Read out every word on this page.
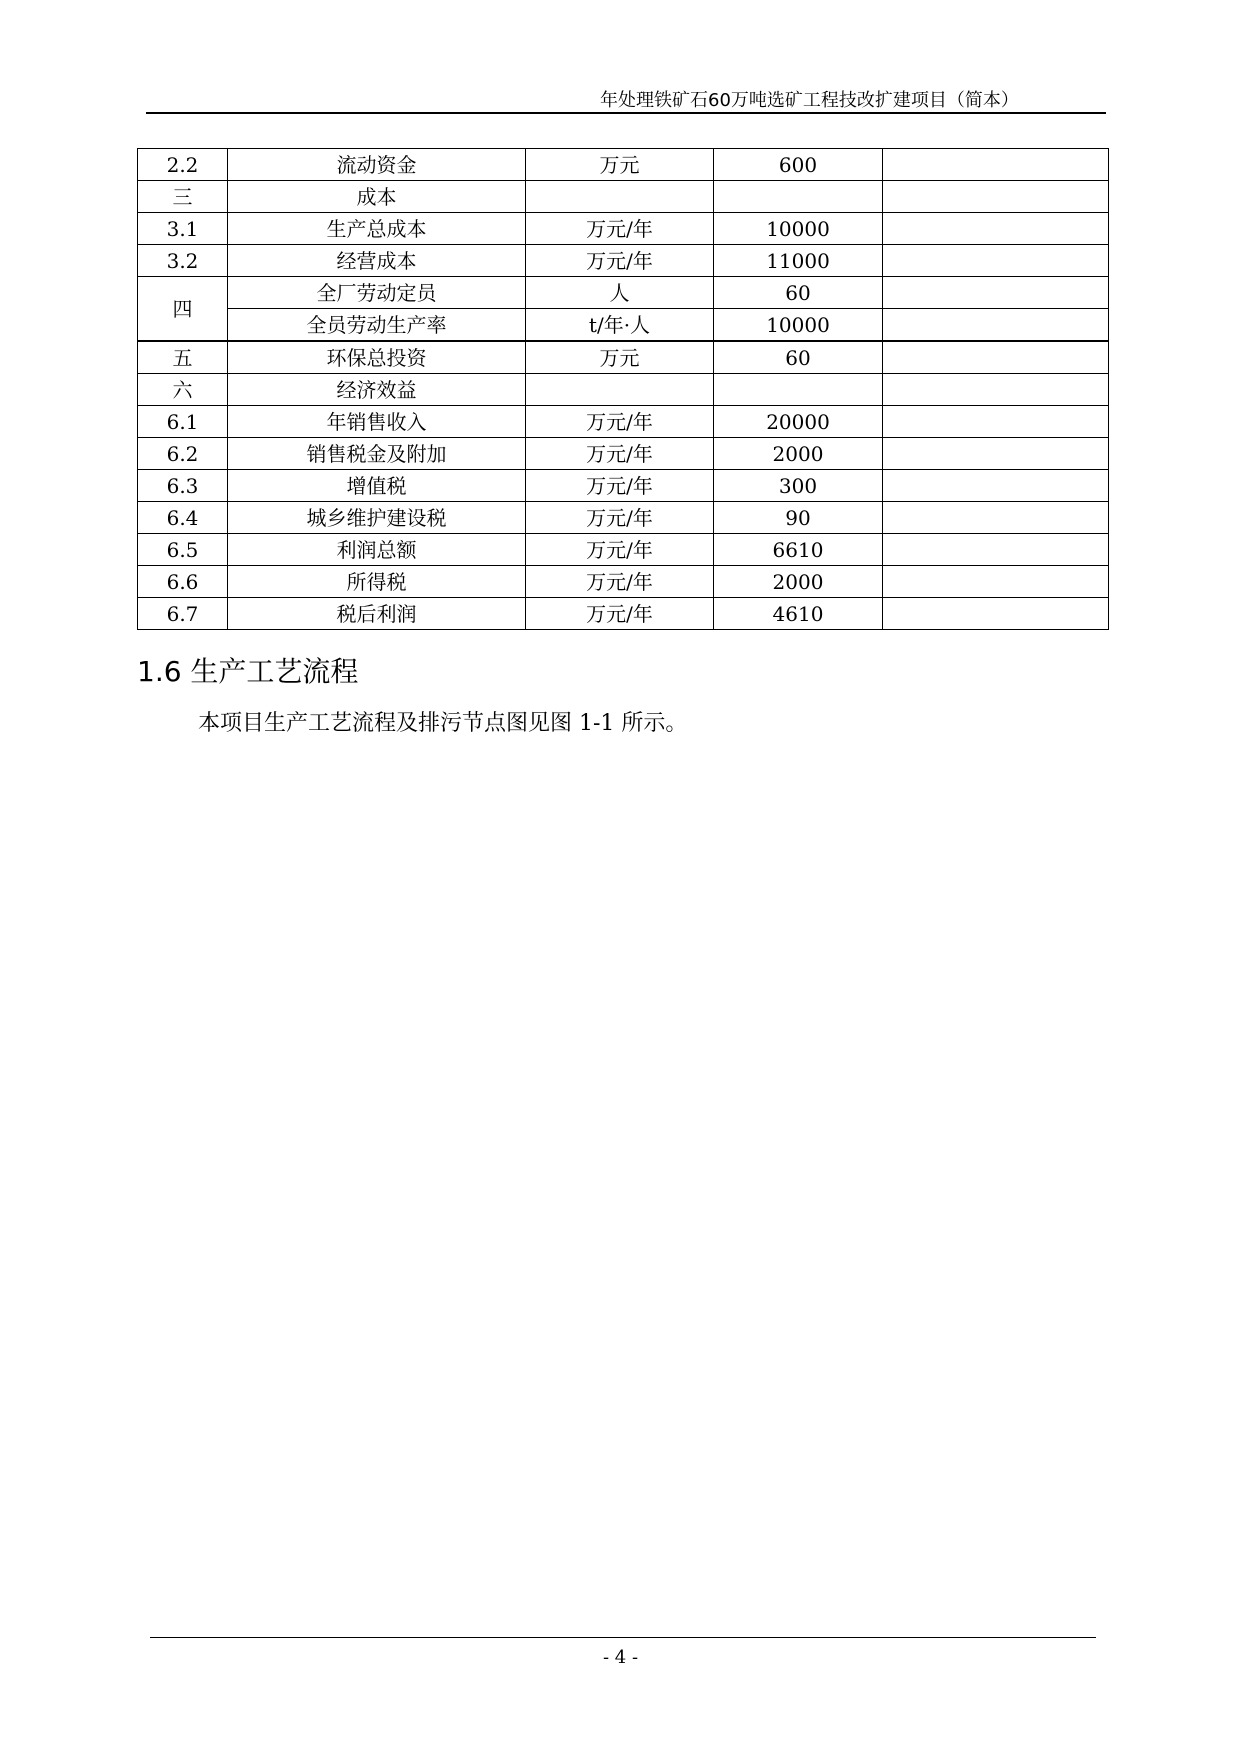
年处理铁矿石60万吨选矿工程技改扩建项目（简本）
2.2	流动资金	万元	600	
三	成本			
3.1	生产总成本	万元/年	10000	
3.2	经营成本	万元/年	11000	
四	全厂劳动定员	人	60	
	全员劳动生产率	t/年·人	10000	
五	环保总投资	万元	60	
六	经济效益			
6.1	年销售收入	万元/年	20000	
6.2	销售税金及附加	万元/年	2000	
6.3	增值税	万元/年	300	
6.4	城乡维护建设税	万元/年	90	
6.5	利润总额	万元/年	6610	
6.6	所得税	万元/年	2000	
6.7	税后利润	万元/年	4610	
1.6 生产工艺流程
本项目生产工艺流程及排污节点图见图 1-1 所示。
- 4 -
